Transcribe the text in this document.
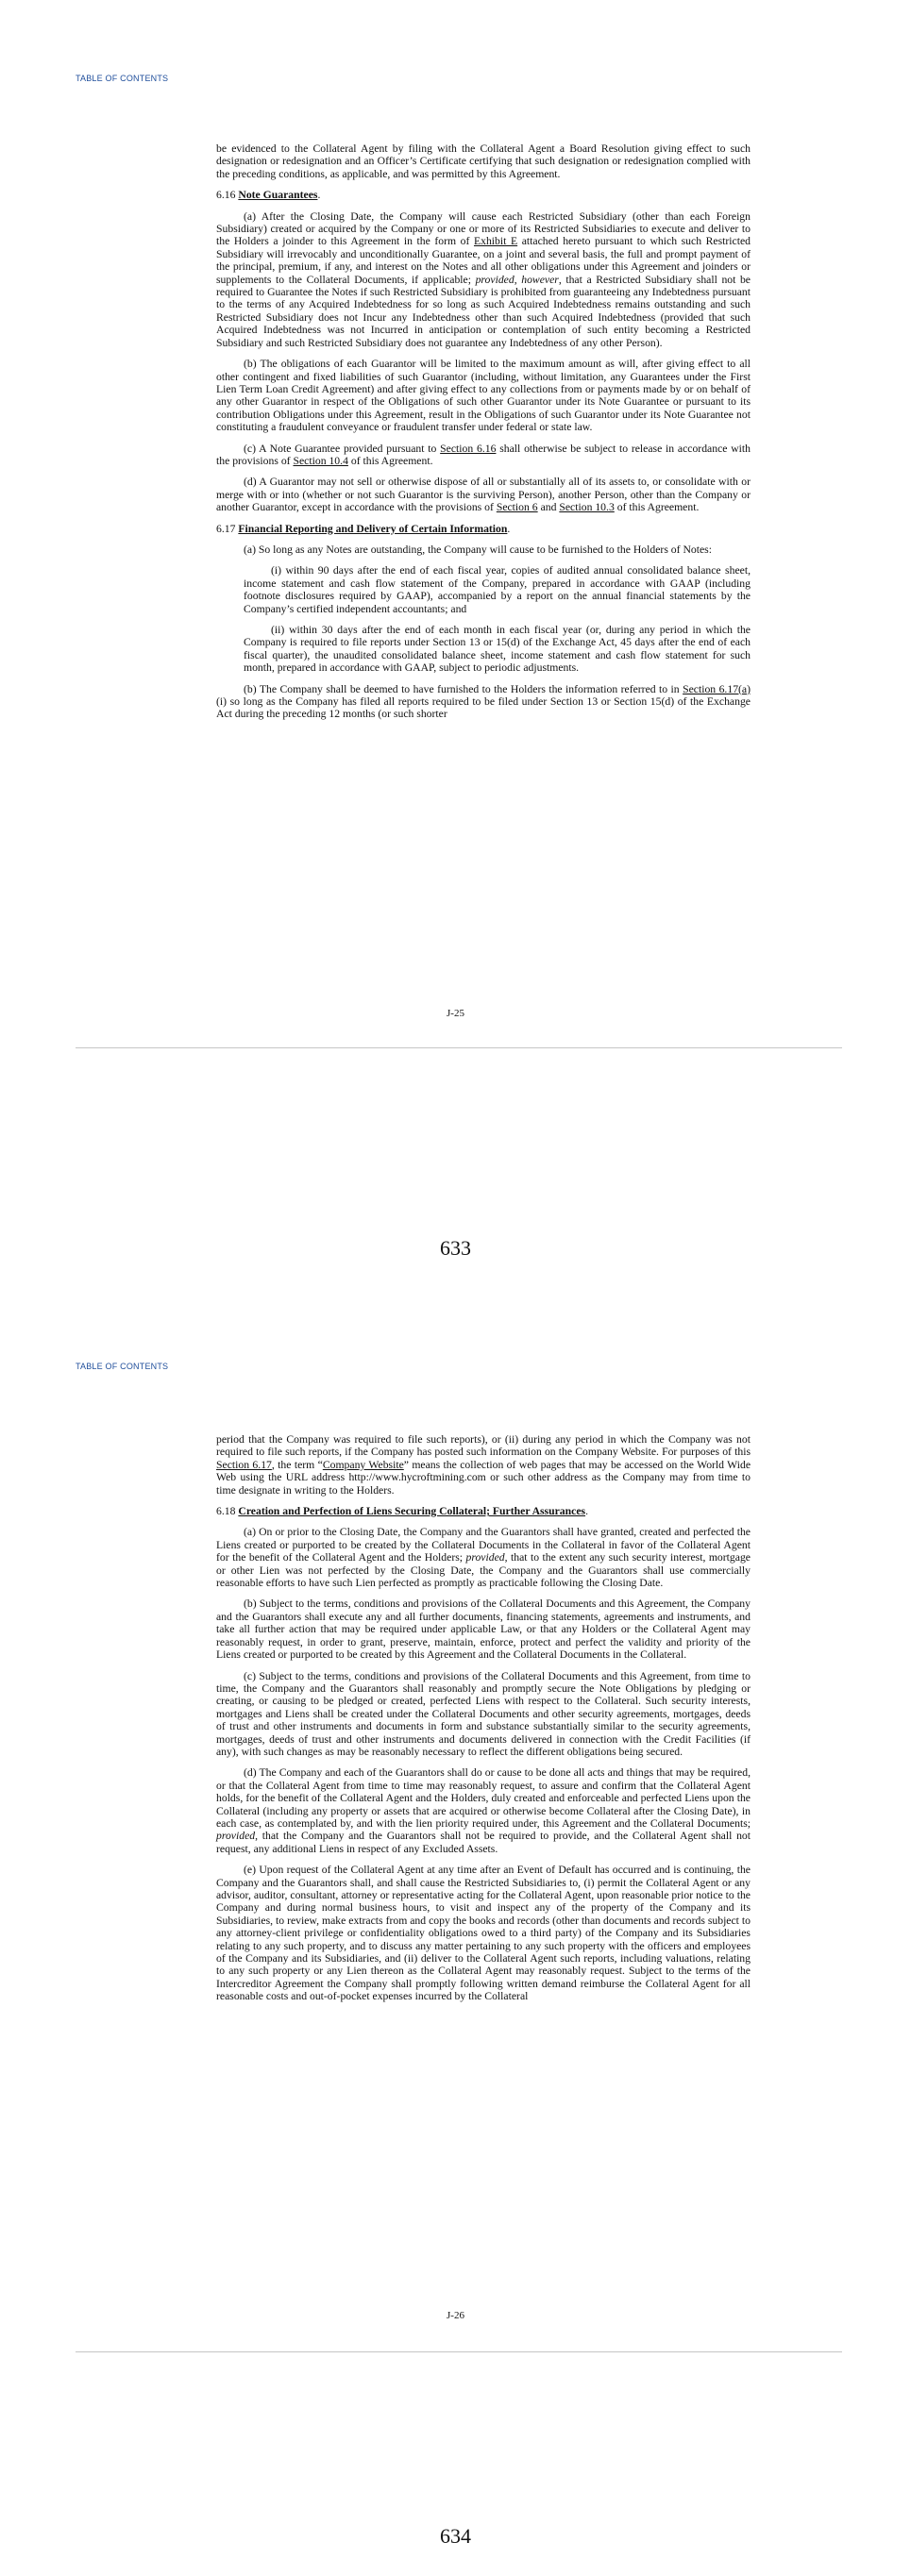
TABLE OF CONTENTS

be evidenced to the Collateral Agent by filing with the Collateral Agent a Board Resolution giving effect to such designation or redesignation and an Officer’s Certificate certifying that such designation or redesignation complied with the preceding conditions, as applicable, and was permitted by this Agreement.

6.16 Note Guarantees.

(a) After the Closing Date, the Company will cause each Restricted Subsidiary (other than each Foreign Subsidiary) created or acquired by the Company or one or more of its Restricted Subsidiaries to execute and deliver to the Holders a joinder to this Agreement in the form of Exhibit E attached hereto pursuant to which such Restricted Subsidiary will irrevocably and unconditionally Guarantee, on a joint and several basis, the full and prompt payment of the principal, premium, if any, and interest on the Notes and all other obligations under this Agreement and joinders or supplements to the Collateral Documents, if applicable; provided, however, that a Restricted Subsidiary shall not be required to Guarantee the Notes if such Restricted Subsidiary is prohibited from guaranteeing any Indebtedness pursuant to the terms of any Acquired Indebtedness for so long as such Acquired Indebtedness remains outstanding and such Restricted Subsidiary does not Incur any Indebtedness other than such Acquired Indebtedness (provided that such Acquired Indebtedness was not Incurred in anticipation or contemplation of such entity becoming a Restricted Subsidiary and such Restricted Subsidiary does not guarantee any Indebtedness of any other Person).

(b) The obligations of each Guarantor will be limited to the maximum amount as will, after giving effect to all other contingent and fixed liabilities of such Guarantor (including, without limitation, any Guarantees under the First Lien Term Loan Credit Agreement) and after giving effect to any collections from or payments made by or on behalf of any other Guarantor in respect of the Obligations of such other Guarantor under its Note Guarantee or pursuant to its contribution Obligations under this Agreement, result in the Obligations of such Guarantor under its Note Guarantee not constituting a fraudulent conveyance or fraudulent transfer under federal or state law.

(c) A Note Guarantee provided pursuant to Section 6.16 shall otherwise be subject to release in accordance with the provisions of Section 10.4 of this Agreement.

(d) A Guarantor may not sell or otherwise dispose of all or substantially all of its assets to, or consolidate with or merge with or into (whether or not such Guarantor is the surviving Person), another Person, other than the Company or another Guarantor, except in accordance with the provisions of Section 6 and Section 10.3 of this Agreement.

6.17 Financial Reporting and Delivery of Certain Information.

(a) So long as any Notes are outstanding, the Company will cause to be furnished to the Holders of Notes:

(i) within 90 days after the end of each fiscal year, copies of audited annual consolidated balance sheet, income statement and cash flow statement of the Company, prepared in accordance with GAAP (including footnote disclosures required by GAAP), accompanied by a report on the annual financial statements by the Company’s certified independent accountants; and

(ii) within 30 days after the end of each month in each fiscal year (or, during any period in which the Company is required to file reports under Section 13 or 15(d) of the Exchange Act, 45 days after the end of each fiscal quarter), the unaudited consolidated balance sheet, income statement and cash flow statement for such month, prepared in accordance with GAAP, subject to periodic adjustments.

(b) The Company shall be deemed to have furnished to the Holders the information referred to in Section 6.17(a) (i) so long as the Company has filed all reports required to be filed under Section 13 or Section 15(d) of the Exchange Act during the preceding 12 months (or such shorter

J-25
633
TABLE OF CONTENTS

period that the Company was required to file such reports), or (ii) during any period in which the Company was not required to file such reports, if the Company has posted such information on the Company Website. For purposes of this Section 6.17, the term “Company Website” means the collection of web pages that may be accessed on the World Wide Web using the URL address http://www.hycroftmining.com or such other address as the Company may from time to time designate in writing to the Holders.

6.18 Creation and Perfection of Liens Securing Collateral; Further Assurances.

(a) On or prior to the Closing Date, the Company and the Guarantors shall have granted, created and perfected the Liens created or purported to be created by the Collateral Documents in the Collateral in favor of the Collateral Agent for the benefit of the Collateral Agent and the Holders; provided, that to the extent any such security interest, mortgage or other Lien was not perfected by the Closing Date, the Company and the Guarantors shall use commercially reasonable efforts to have such Lien perfected as promptly as practicable following the Closing Date.

(b) Subject to the terms, conditions and provisions of the Collateral Documents and this Agreement, the Company and the Guarantors shall execute any and all further documents, financing statements, agreements and instruments, and take all further action that may be required under applicable Law, or that any Holders or the Collateral Agent may reasonably request, in order to grant, preserve, maintain, enforce, protect and perfect the validity and priority of the Liens created or purported to be created by this Agreement and the Collateral Documents in the Collateral.

(c) Subject to the terms, conditions and provisions of the Collateral Documents and this Agreement, from time to time, the Company and the Guarantors shall reasonably and promptly secure the Note Obligations by pledging or creating, or causing to be pledged or created, perfected Liens with respect to the Collateral. Such security interests, mortgages and Liens shall be created under the Collateral Documents and other security agreements, mortgages, deeds of trust and other instruments and documents in form and substance substantially similar to the security agreements, mortgages, deeds of trust and other instruments and documents delivered in connection with the Credit Facilities (if any), with such changes as may be reasonably necessary to reflect the different obligations being secured.

(d) The Company and each of the Guarantors shall do or cause to be done all acts and things that may be required, or that the Collateral Agent from time to time may reasonably request, to assure and confirm that the Collateral Agent holds, for the benefit of the Collateral Agent and the Holders, duly created and enforceable and perfected Liens upon the Collateral (including any property or assets that are acquired or otherwise become Collateral after the Closing Date), in each case, as contemplated by, and with the lien priority required under, this Agreement and the Collateral Documents; provided, that the Company and the Guarantors shall not be required to provide, and the Collateral Agent shall not request, any additional Liens in respect of any Excluded Assets.

(e) Upon request of the Collateral Agent at any time after an Event of Default has occurred and is continuing, the Company and the Guarantors shall, and shall cause the Restricted Subsidiaries to, (i) permit the Collateral Agent or any advisor, auditor, consultant, attorney or representative acting for the Collateral Agent, upon reasonable prior notice to the Company and during normal business hours, to visit and inspect any of the property of the Company and its Subsidiaries, to review, make extracts from and copy the books and records (other than documents and records subject to any attorney-client privilege or confidentiality obligations owed to a third party) of the Company and its Subsidiaries relating to any such property, and to discuss any matter pertaining to any such property with the officers and employees of the Company and its Subsidiaries, and (ii) deliver to the Collateral Agent such reports, including valuations, relating to any such property or any Lien thereon as the Collateral Agent may reasonably request. Subject to the terms of the Intercreditor Agreement the Company shall promptly following written demand reimburse the Collateral Agent for all reasonable costs and out-of-pocket expenses incurred by the Collateral

J-26
634
